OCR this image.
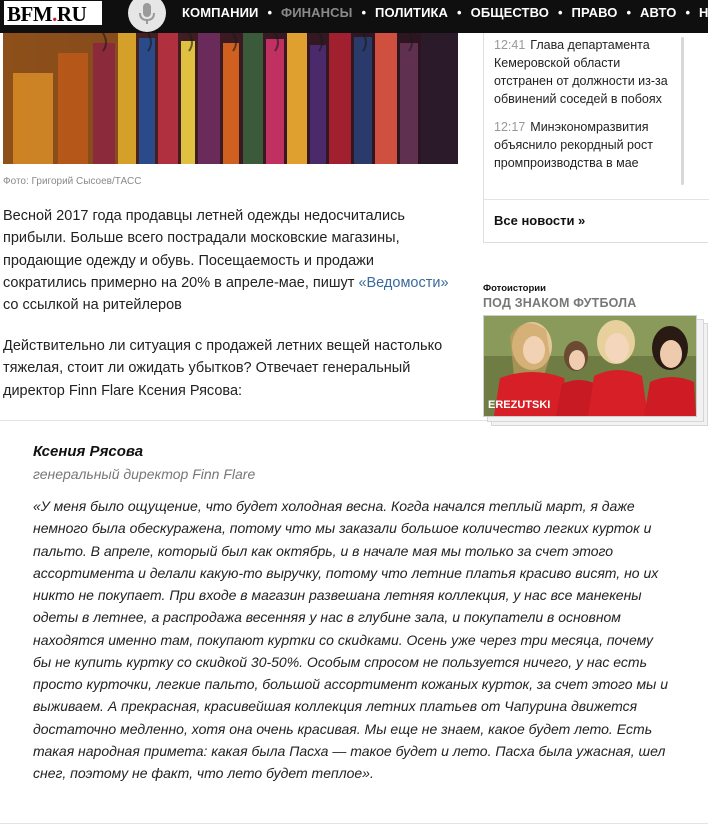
BFM.RU	КОМПАНИИ • ФИНАНСЫ • ПОЛИТИКА • ОБЩЕСТВО • ПРАВО • АВТО • НЕД
Фото: Григорий Сысоев/ТАСС
Весной 2017 года продавцы летней одежды недосчитались прибыли. Больше всего пострадали московские магазины, продающие одежду и обувь. Посещаемость и продажи сократились примерно на 20% в апреле-мае, пишут «Ведомости» со ссылкой на ритейлеров
Действительно ли ситуация с продажей летних вещей настолько тяжелая, стоит ли ожидать убытков? Отвечает генеральный директор Finn Flare Ксения Рясова:
Ксения Рясова
генеральный директор Finn Flare
«У меня было ощущение, что будет холодная весна. Когда начался теплый март, я даже немного была обескуражена, потому что мы заказали большое количество легких курток и пальто. В апреле, который был как октябрь, и в начале мая мы только за счет этого ассортимента и делали какую-то выручку, потому что летние платья красиво висят, но их никто не покупает. При входе в магазин развешана летняя коллекция, у нас все манекены одеты в летнее, а распродажа весенняя у нас в глубине зала, и покупатели в основном находятся именно там, покупают куртки со скидками. Осень уже через три месяца, почему бы не купить куртку со скидкой 30-50%. Особым спросом не пользуется ничего, у нас есть просто курточки, легкие пальто, большой ассортимент кожаных курток, за счет этого мы и выживаем. А прекрасная, красивейшая коллекция летних платьев от Чапурина движется достаточно медленно, хотя она очень красивая. Мы еще не знаем, какое будет лето. Есть такая народная примета: какая была Пасха — такое будет и лето. Пасха была ужасная, шел снег, поэтому не факт, что лето будет теплое».
12:41 Глава департамента Кемеровской области отстранен от должности из-за обвинений соседей в побоях
12:17 Минэкономразвития объяснило рекордный рост промпроизводства в мае
Все новости »
Фотоистории
ПОД ЗНАКОМ ФУТБОЛА
EREZUTSKI
